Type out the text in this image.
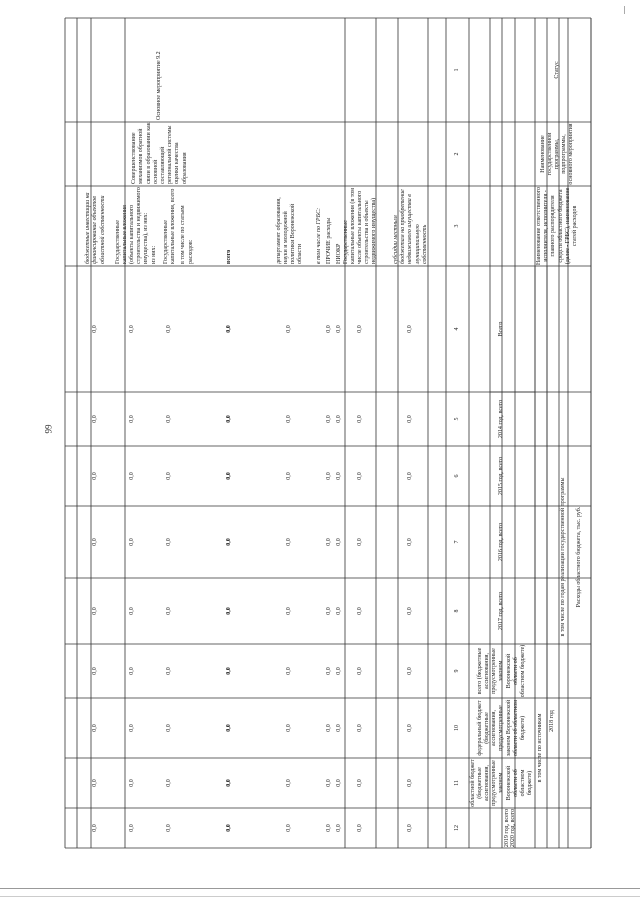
99
Статус
Наименование государственной программы, подпрограммы, основного мероприятия
Наименование ответственного исполнителя, исполнителя - главного распорядителя средств областного бюджета (далее - ГРБС), наименование статей расходов
Расходы областного бюджета, тыс. руб.
в том числе по годам реализации государственной программы
Всего
2014 год, всего
2015 год, всего
2016 год, всего
2017 год, всего
2018 год
всего (бюджетные ассигнования, предусмотренные законом Воронежской области об областном бюджете)
в том числе по источникам
федеральный бюджет (бюджетные ассигнования, предусмотренные законом Воронежской области об областном бюджете)
областной бюджет (бюджетные ассигнования, предусмотренные законом Воронежской области об областном бюджете)
2019 год, всего 2020 год, всего
1
2
3
4
5
6
7
8
9
10
11
12
субсидии местным бюджетам на приобретение недвижимого имущества в муниципальную собственность
0,0
0,0
0,0
0,0
0,0
0,0
0,0
0,0
0,0
Государственные капитальные вложения (в том числе объекты капитального строительства и объекты недвижимого имущества)
0,0
0,0
0,0
0,0
0,0
0,0
0,0
0,0
0,0
НИОКР
0,0
0,0
0,0
0,0
0,0
0,0
0,0
0,0
0,0
ПРОЧИЕ расходы
0,0
0,0
0,0
0,0
0,0
0,0
0,0
0,0
0,0
в том числе по ГРБС:
департамент образования, науки и молодежной политики Воронежской области
0,0
0,0
0,0
0,0
0,0
0,0
0,0
0,0
0,0
всего
0,0
0,0
0,0
0,0
0,0
0,0
0,0
0,0
0,0
в том числе по статьям расходов:
Государственные капитальные вложения, всего
0,0
0,0
0,0
0,0
0,0
0,0
0,0
0,0
0,0
из них:
Государственные капитальные вложения (объекты капитального строительства и недвижимого имущества), из них:
0,0
0,0
0,0
0,0
0,0
0,0
0,0
0,0
0,0
бюджетные инвестиции на финансирование объектов областной собственности
0,0
0,0
0,0
0,0
0,0
0,0
0,0
0,0
0,0
Основное мероприятие 9.2
Совершенствование механизмов обратной связи в образовании как основной составляющей региональной системы оценки качества образования
